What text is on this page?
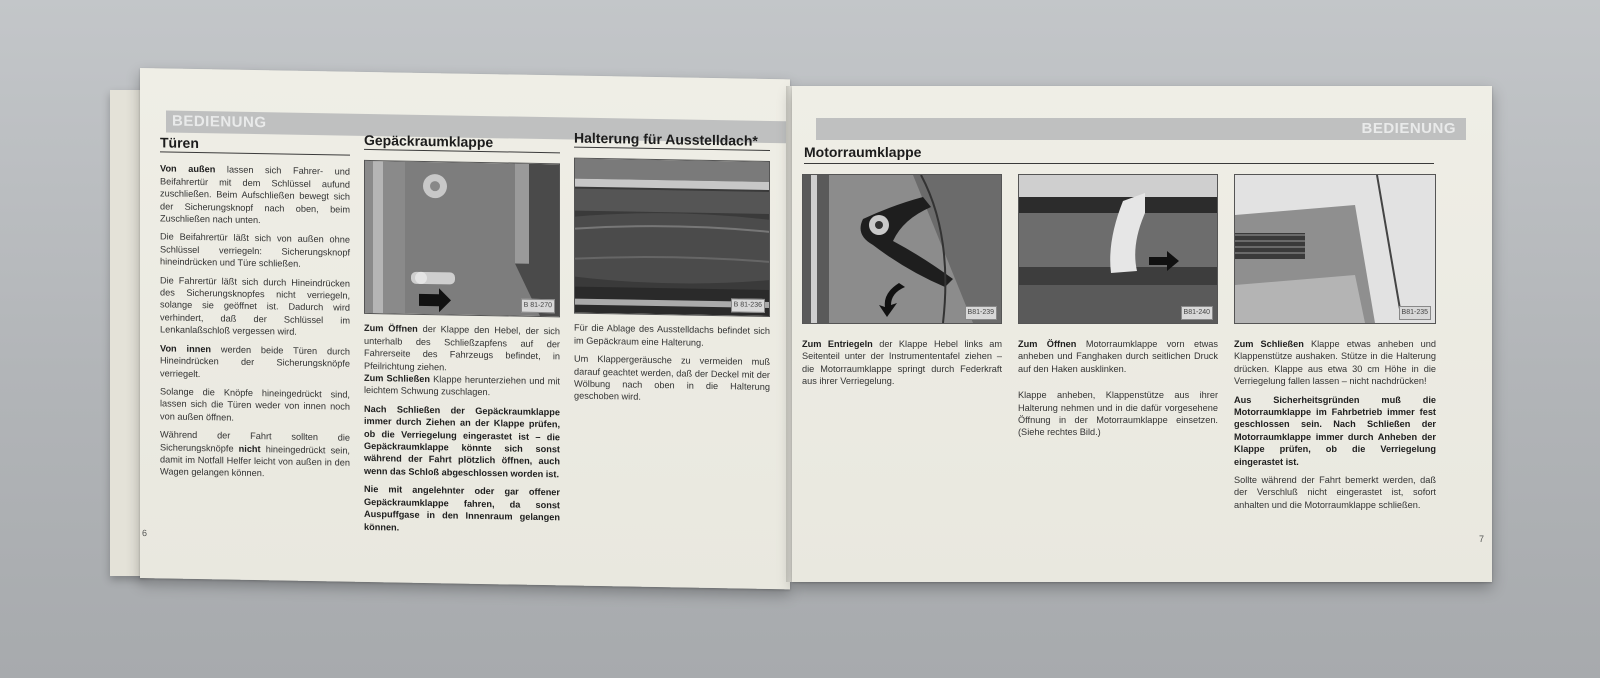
BEDIENUNG
Türen

Von außen lassen sich Fahrer- und Beifahrertür mit dem Schlüssel aufund zuschließen. Beim Aufschließen bewegt sich der Sicherungsknopf nach oben, beim Zuschließen nach unten.

Die Beifahrertür läßt sich von außen ohne Schlüssel verriegeln: Sicherungsknopf hineindrücken und Türe schließen.

Die Fahrertür läßt sich durch Hineindrücken des Sicherungsknopfes nicht verriegeln, solange sie geöffnet ist. Dadurch wird verhindert, daß der Schlüssel im Lenkanlaßschloß vergessen wird.

Von innen werden beide Türen durch Hineindrücken der Sicherungsknöpfe verriegelt.

Solange die Knöpfe hineingedrückt sind, lassen sich die Türen weder von innen noch von außen öffnen.

Während der Fahrt sollten die Sicherungsknöpfe nicht hineingedrückt sein, damit im Notfall Helfer leicht von außen in den Wagen gelangen können.

Gepäckraumklappe
B 81-270

Zum Öffnen der Klappe den Hebel, der sich unterhalb des Schließzapfens auf der Fahrerseite des Fahrzeugs befindet, in Pfeilrichtung ziehen.

Zum Schließen Klappe herunterziehen und mit leichtem Schwung zuschlagen.

Nach Schließen der Gepäckraumklappe immer durch Ziehen an der Klappe prüfen, ob die Verriegelung eingerastet ist – die Gepäckraumklappe könnte sich sonst während der Fahrt plötzlich öffnen, auch wenn das Schloß abgeschlossen worden ist.

Nie mit angelehnter oder gar offener Gepäckraumklappe fahren, da sonst Auspuffgase in den Innenraum gelangen können.

Halterung für Ausstelldach*
B 81-236

Für die Ablage des Ausstelldachs befindet sich im Gepäckraum eine Halterung.

Um Klappergeräusche zu vermeiden muß darauf geachtet werden, daß der Deckel mit der Wölbung nach oben in die Halterung geschoben wird.

6
BEDIENUNG
Motorraumklappe
B81-239

Zum Entriegeln der Klappe Hebel links am Seitenteil unter der Instrumententafel ziehen – die Motorraumklappe springt durch Federkraft aus ihrer Verriegelung.

B81-240

Zum Öffnen Motorraumklappe vorn etwas anheben und Fanghaken durch seitlichen Druck auf den Haken ausklinken.

Klappe anheben, Klappenstütze aus ihrer Halterung nehmen und in die dafür vorgesehene Öffnung in der Motorraumklappe einsetzen. (Siehe rechtes Bild.)

B81-235

Zum Schließen Klappe etwas anheben und Klappenstütze aushaken. Stütze in die Halterung drücken. Klappe aus etwa 30 cm Höhe in die Verriegelung fallen lassen – nicht nachdrücken!

Aus Sicherheitsgründen muß die Motorraumklappe im Fahrbetrieb immer fest geschlossen sein. Nach Schließen der Motorraumklappe immer durch Anheben der Klappe prüfen, ob die Verriegelung eingerastet ist.

Sollte während der Fahrt bemerkt werden, daß der Verschluß nicht eingerastet ist, sofort anhalten und die Motorraumklappe schließen.

7
